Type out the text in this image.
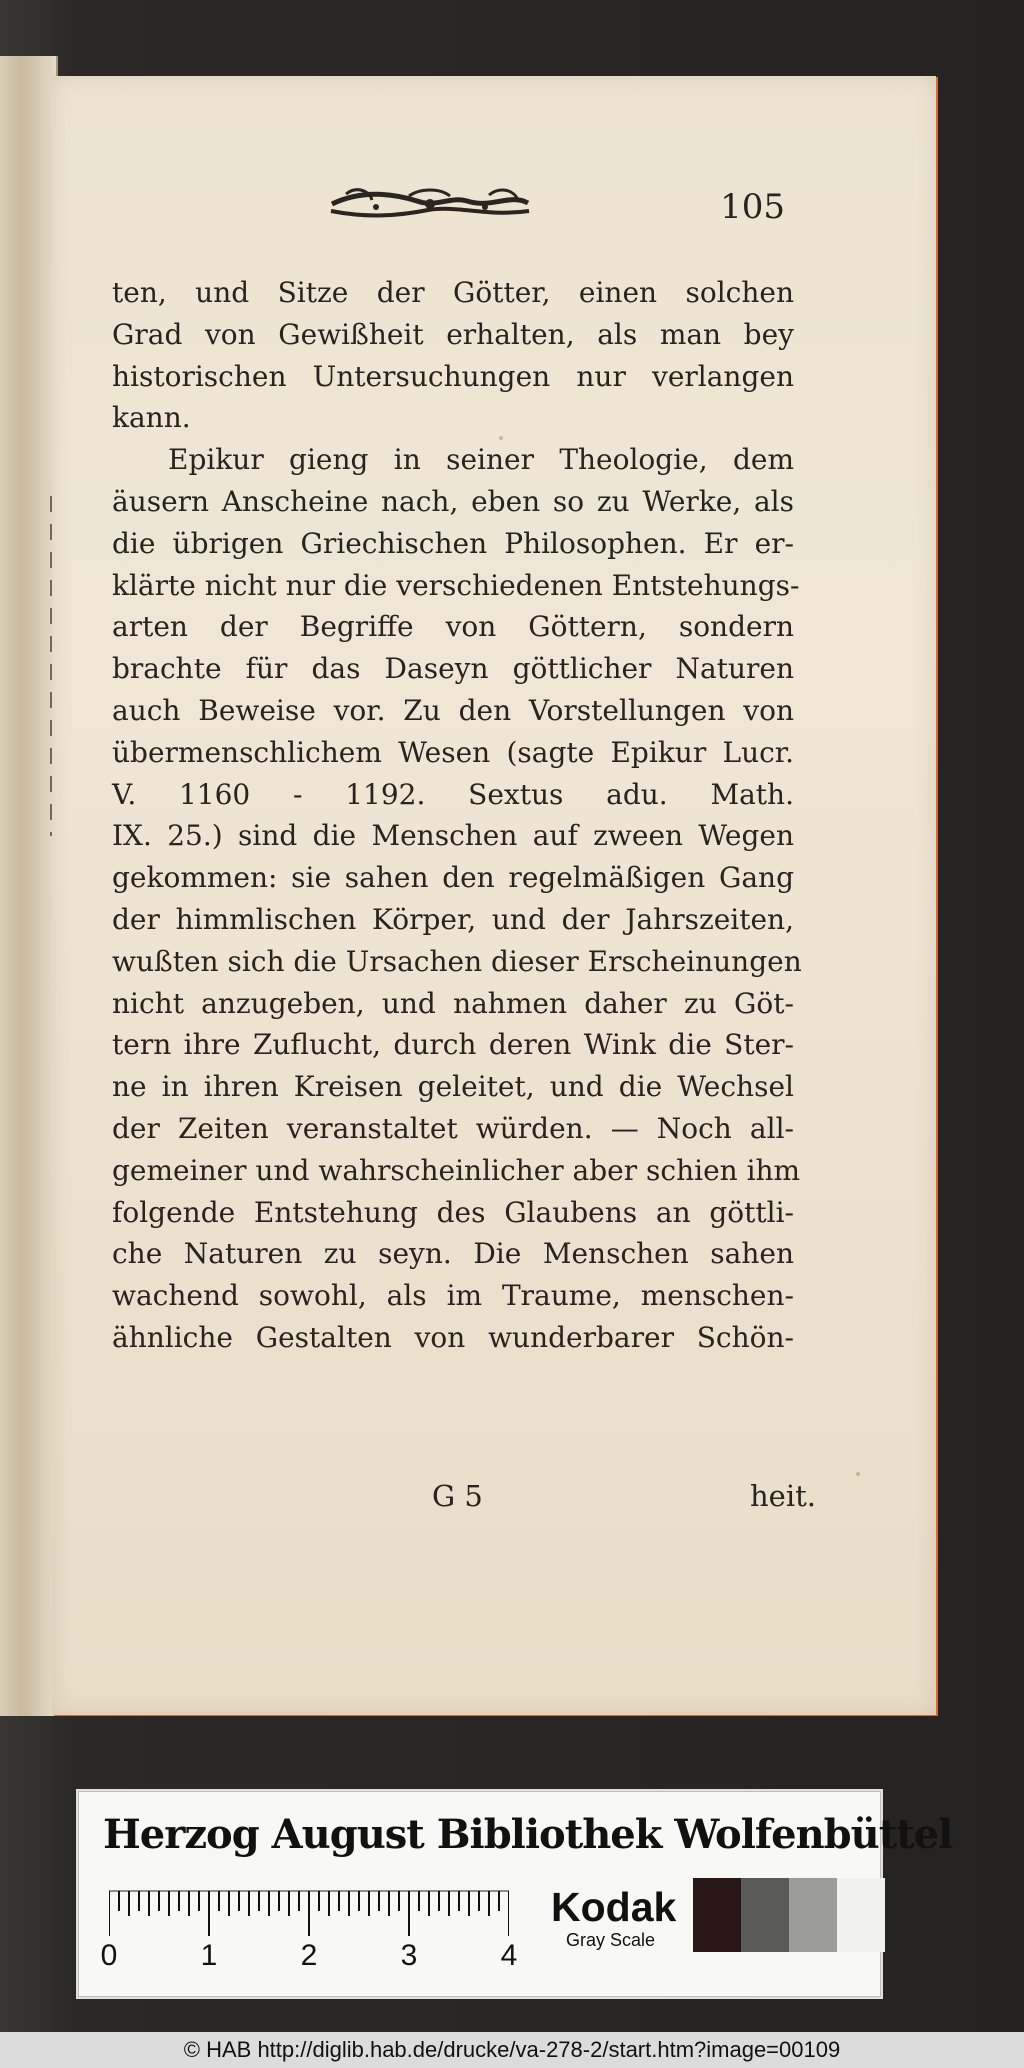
105

ten, und Sitze der Götter, einen solchen
Grad von Gewißheit erhalten, als man bey
historischen Untersuchungen nur verlangen
kann.
Epikur gieng in seiner Theologie, dem
äusern Anscheine nach, eben so zu Werke, als
die übrigen Griechischen Philosophen. Er er-
klärte nicht nur die verschiedenen Entstehungs-
arten der Begriffe von Göttern, sondern
brachte für das Daseyn göttlicher Naturen
auch Beweise vor. Zu den Vorstellungen von
übermenschlichem Wesen (sagte Epikur Lucr.
V. 1160 - 1192. Sextus adu. Math.
IX. 25.) sind die Menschen auf zween Wegen
gekommen: sie sahen den regelmäßigen Gang
der himmlischen Körper, und der Jahrszeiten,
wußten sich die Ursachen dieser Erscheinungen
nicht anzugeben, und nahmen daher zu Göt-
tern ihre Zuflucht, durch deren Wink die Ster-
ne in ihren Kreisen geleitet, und die Wechsel
der Zeiten veranstaltet würden. — Noch all-
gemeiner und wahrscheinlicher aber schien ihm
folgende Entstehung des Glaubens an göttli-
che Naturen zu seyn. Die Menschen sahen
wachend sowohl, als im Traume, menschen-
ähnliche Gestalten von wunderbarer Schön-

G 5	heit.
Herzog August Bibliothek Wolfenbüttel
0	1	2	3	4
Kodak
Gray Scale
© HAB http://diglib.hab.de/drucke/va-278-2/start.htm?image=00109
